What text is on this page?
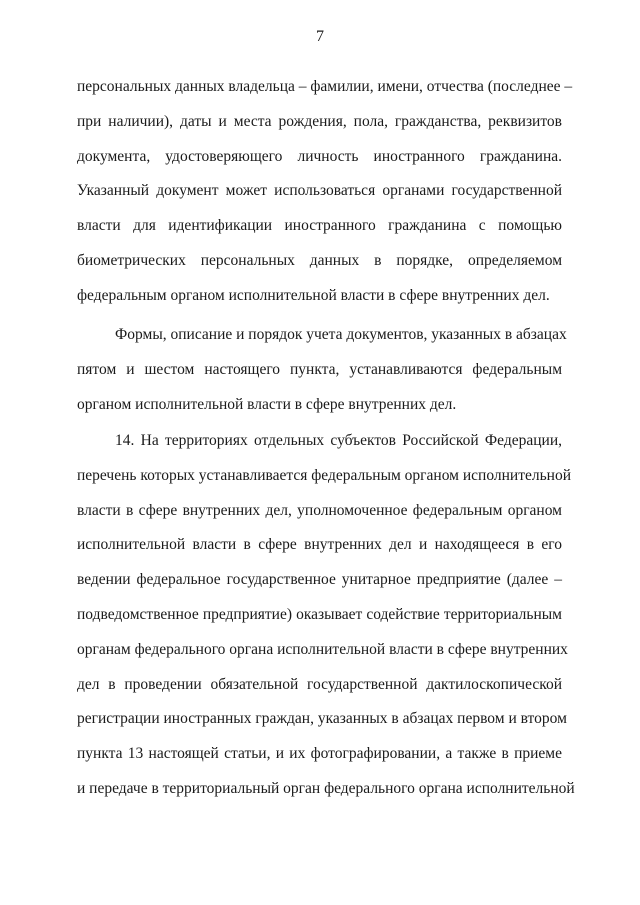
7
персональных данных владельца – фамилии, имени, отчества (последнее –
при наличии), даты и места рождения, пола, гражданства, реквизитов
документа, удостоверяющего личность иностранного гражданина.
Указанный документ может использоваться органами государственной
власти для идентификации иностранного гражданина с помощью
биометрических персональных данных в порядке, определяемом
федеральным органом исполнительной власти в сфере внутренних дел.
Формы, описание и порядок учета документов, указанных в абзацах
пятом и шестом настоящего пункта, устанавливаются федеральным
органом исполнительной власти в сфере внутренних дел.
14. На территориях отдельных субъектов Российской Федерации,
перечень которых устанавливается федеральным органом исполнительной
власти в сфере внутренних дел, уполномоченное федеральным органом
исполнительной власти в сфере внутренних дел и находящееся в его
ведении федеральное государственное унитарное предприятие (далее –
подведомственное предприятие) оказывает содействие территориальным
органам федерального органа исполнительной власти в сфере внутренних
дел в проведении обязательной государственной дактилоскопической
регистрации иностранных граждан, указанных в абзацах первом и втором
пункта 13 настоящей статьи, и их фотографировании, а также в приеме
и передаче в территориальный орган федерального органа исполнительной
